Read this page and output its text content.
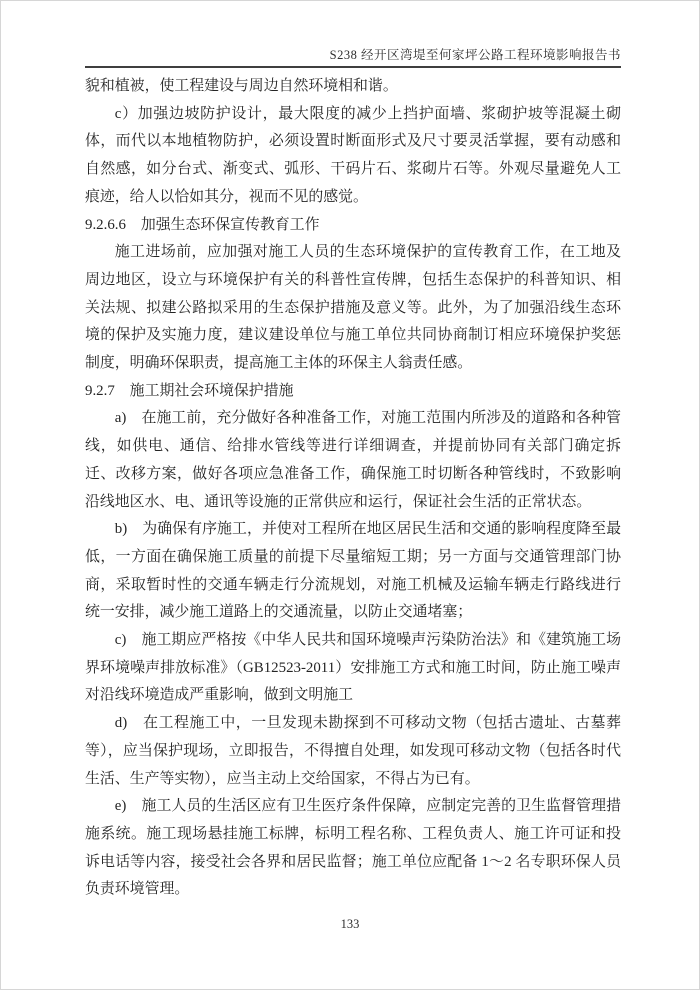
S238 经开区湾堤至何家坪公路工程环境影响报告书
貌和植被，使工程建设与周边自然环境相和谐。
c）加强边坡防护设计，最大限度的减少上挡护面墙、浆砌护坡等混凝土砌体，而代以本地植物防护，必须设置时断面形式及尺寸要灵活掌握，要有动感和自然感，如分台式、渐变式、弧形、干码片石、浆砌片石等。外观尽量避免人工痕迹，给人以恰如其分，视而不见的感觉。
9.2.6.6　加强生态环保宣传教育工作
施工进场前，应加强对施工人员的生态环境保护的宣传教育工作，在工地及周边地区，设立与环境保护有关的科普性宣传牌，包括生态保护的科普知识、相关法规、拟建公路拟采用的生态保护措施及意义等。此外，为了加强沿线生态环境的保护及实施力度，建议建设单位与施工单位共同协商制订相应环境保护奖惩制度，明确环保职责，提高施工主体的环保主人翁责任感。
9.2.7　施工期社会环境保护措施
a)　在施工前，充分做好各种准备工作，对施工范围内所涉及的道路和各种管线，如供电、通信、给排水管线等进行详细调查，并提前协同有关部门确定拆迁、改移方案，做好各项应急准备工作，确保施工时切断各种管线时，不致影响沿线地区水、电、通讯等设施的正常供应和运行，保证社会生活的正常状态。
b)　为确保有序施工，并使对工程所在地区居民生活和交通的影响程度降至最低，一方面在确保施工质量的前提下尽量缩短工期；另一方面与交通管理部门协商，采取暂时性的交通车辆走行分流规划，对施工机械及运输车辆走行路线进行统一安排，减少施工道路上的交通流量，以防止交通堵塞；
c)　施工期应严格按《中华人民共和国环境噪声污染防治法》和《建筑施工场界环境噪声排放标准》（GB12523-2011）安排施工方式和施工时间，防止施工噪声对沿线环境造成严重影响，做到文明施工
d)　在工程施工中，一旦发现未勘探到不可移动文物（包括古遗址、古墓葬等），应当保护现场，立即报告，不得擅自处理，如发现可移动文物（包括各时代生活、生产等实物），应当主动上交给国家，不得占为已有。
e)　施工人员的生活区应有卫生医疗条件保障，应制定完善的卫生监督管理措施系统。施工现场悬挂施工标牌，标明工程名称、工程负责人、施工许可证和投诉电话等内容，接受社会各界和居民监督；施工单位应配备 1～2 名专职环保人员负责环境管理。
133
